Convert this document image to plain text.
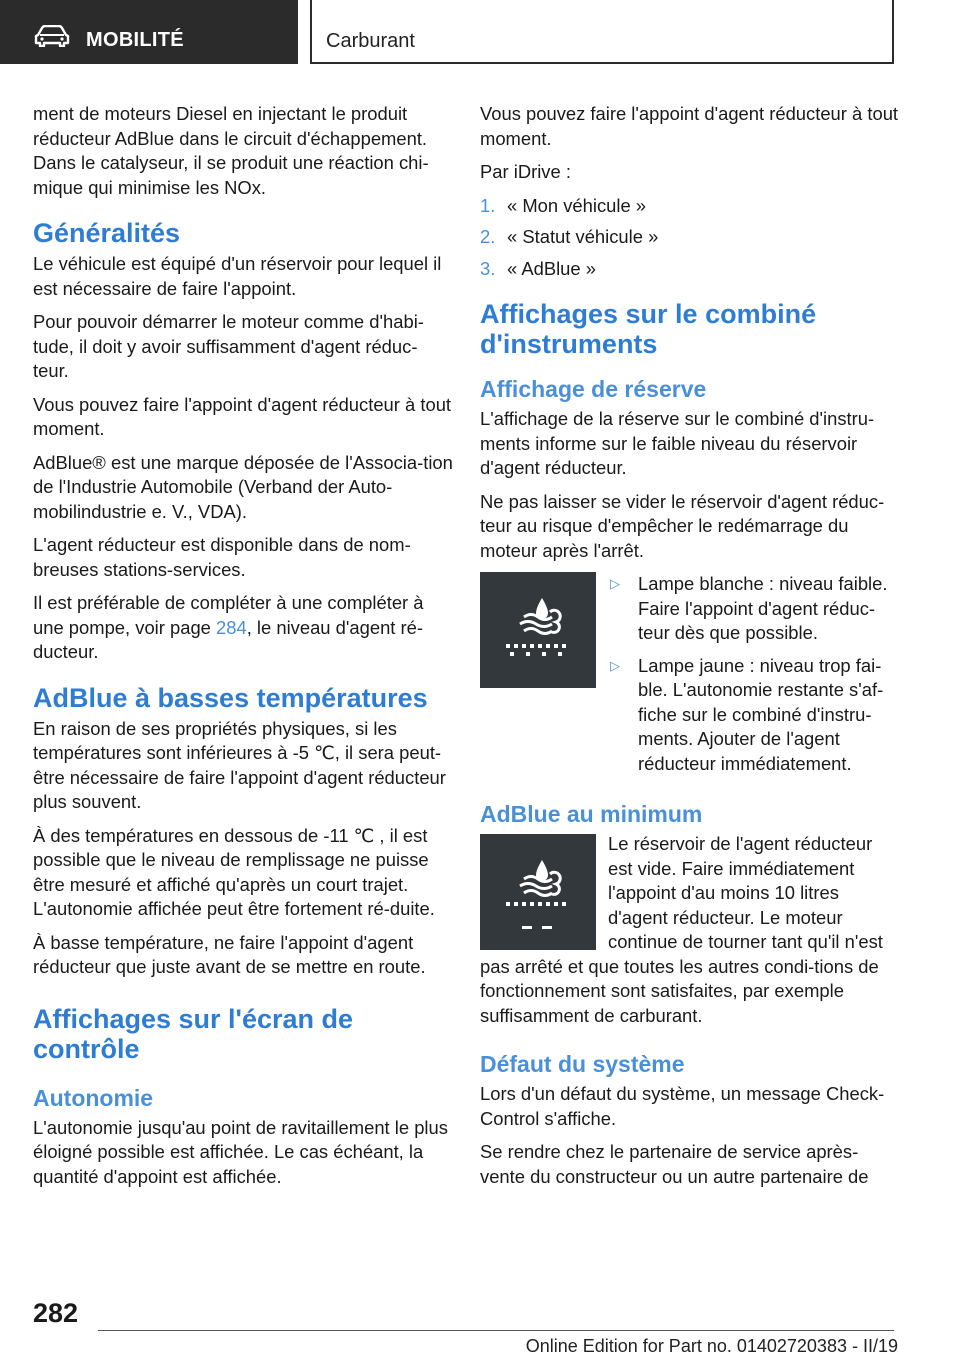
MOBILITÉ	Carburant

ment de moteurs Diesel en injectant le produit réducteur AdBlue dans le circuit d'échappement. Dans le catalyseur, il se produit une réaction chi-mique qui minimise les NOx.

Généralités

Le véhicule est équipé d'un réservoir pour lequel il est nécessaire de faire l'appoint.

Pour pouvoir démarrer le moteur comme d'habi-tude, il doit y avoir suffisamment d'agent réduc-teur.

Vous pouvez faire l'appoint d'agent réducteur à tout moment.

AdBlue® est une marque déposée de l'Associa-tion de l'Industrie Automobile (Verband der Auto-mobilindustrie e. V., VDA).

L'agent réducteur est disponible dans de nom-breuses stations-services.

Il est préférable de compléter à une compléter à une pompe, voir page 284, le niveau d'agent ré-ducteur.

AdBlue à basses températures

En raison de ses propriétés physiques, si les températures sont inférieures à -5 ℃, il sera peut-être nécessaire de faire l'appoint d'agent réducteur plus souvent.

À des températures en dessous de -11 ℃ , il est possible que le niveau de remplissage ne puisse être mesuré et affiché qu'après un court trajet. L'autonomie affichée peut être fortement ré-duite.

À basse température, ne faire l'appoint d'agent réducteur que juste avant de se mettre en route.

Affichages sur l'écran de contrôle
Autonomie

L'autonomie jusqu'au point de ravitaillement le plus éloigné possible est affichée. Le cas échéant, la quantité d'appoint est affichée.

Vous pouvez faire l'appoint d'agent réducteur à tout moment.

Par iDrive :

1. « Mon véhicule »
2. « Statut véhicule »
3. « AdBlue »
Affichages sur le combiné d'instruments
Affichage de réserve

L'affichage de la réserve sur le combiné d'instru-ments informe sur le faible niveau du réservoir d'agent réducteur.

Ne pas laisser se vider le réservoir d'agent réduc-teur au risque d'empêcher le redémarrage du moteur après l'arrêt.

▷ Lampe blanche : niveau faible. Faire l'appoint d'agent réduc-teur dès que possible.
▷ Lampe jaune : niveau trop fai-ble. L'autonomie restante s'af-fiche sur le combiné d'instru-ments. Ajouter de l'agent réducteur immédiatement.
AdBlue au minimum

Le réservoir de l'agent réducteur est vide. Faire immédiatement l'appoint d'au moins 10 litres d'agent réducteur. Le moteur continue de tourner tant qu'il n'est pas arrêté et que toutes les autres condi-tions de fonctionnement sont satisfaites, par exemple suffisamment de carburant.

Défaut du système

Lors d'un défaut du système, un message Check-Control s'affiche.

Se rendre chez le partenaire de service après-vente du constructeur ou un autre partenaire de

282
Online Edition for Part no. 01402720383 - II/19
